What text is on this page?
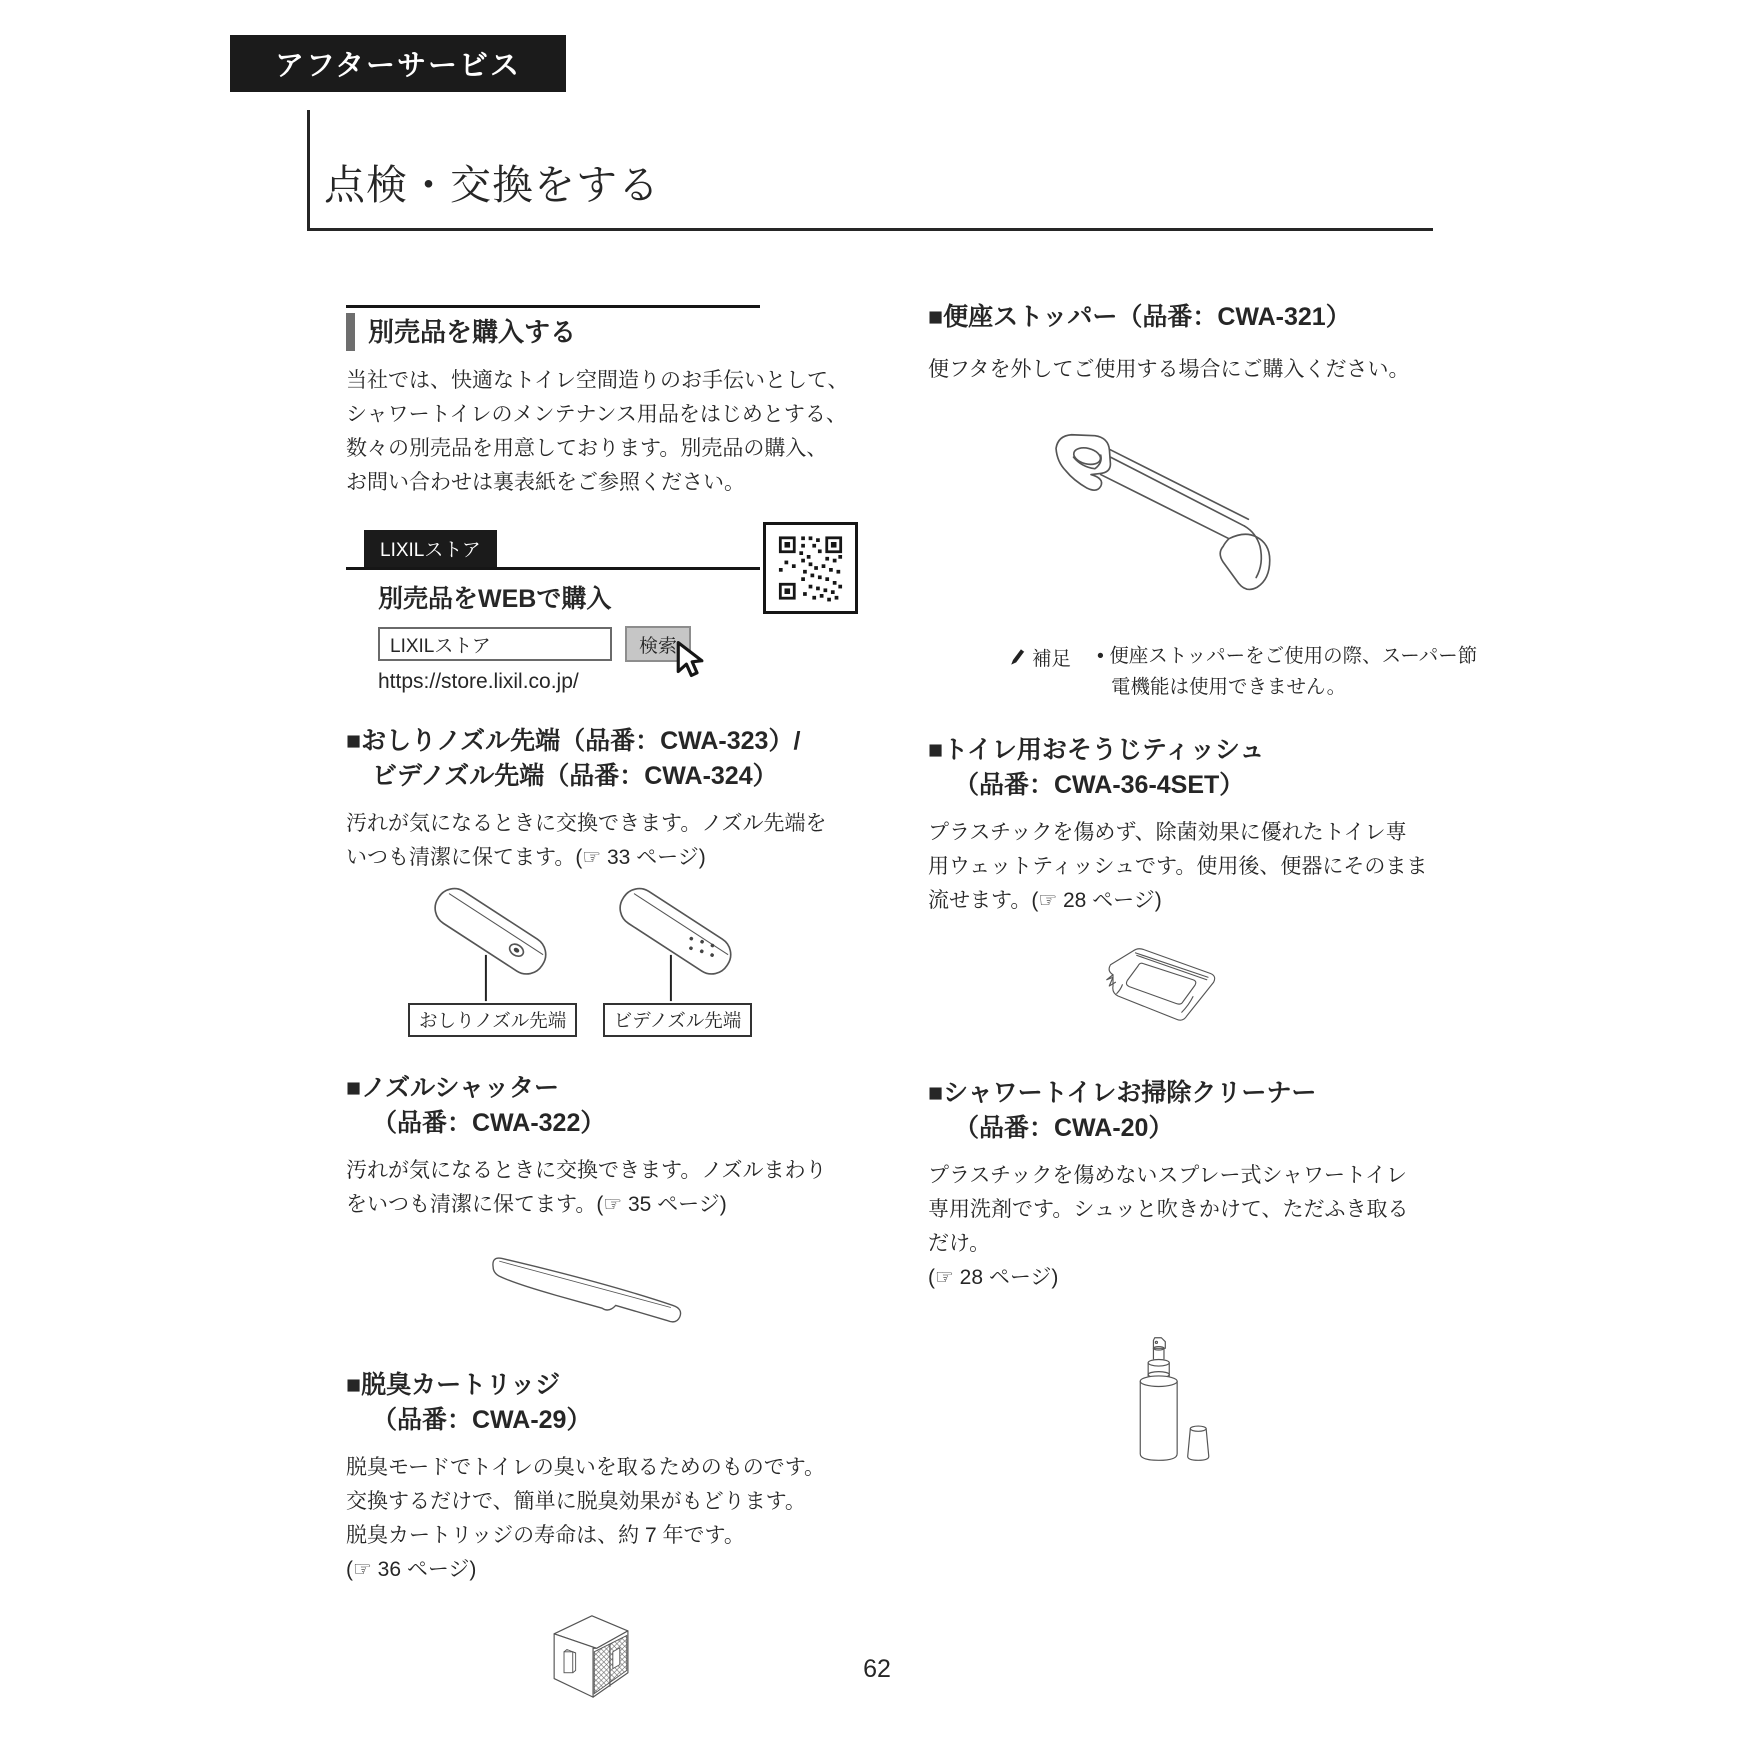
アフターサービス
点検・交換をする
別売品を購入する
当社では、快適なトイレ空間造りのお手伝いとして、
シャワートイレのメンテナンス用品をはじめとする、
数々の別売品を用意しております。別売品の購入、
お問い合わせは裏表紙をご参照ください。
LIXILストア
別売品をWEBで購入
LIXILストア
検索
https://store.lixil.co.jp/
■おしりノズル先端（品番：CWA-323）/
ビデノズル先端（品番：CWA-324）
汚れが気になるときに交換できます。ノズル先端を
いつも清潔に保てます。(☞ 33 ページ)
おしりノズル先端	ビデノズル先端
■ノズルシャッター
（品番：CWA-322）
汚れが気になるときに交換できます。ノズルまわり
をいつも清潔に保てます。(☞ 35 ページ)
■脱臭カートリッジ
（品番：CWA-29）
脱臭モードでトイレの臭いを取るためのものです。
交換するだけで、簡単に脱臭効果がもどります。
脱臭カートリッジの寿命は、約 7 年です。
(☞ 36 ページ)
■便座ストッパー（品番：CWA-321）
便フタを外してご使用する場合にご購入ください。
補足 • 便座ストッパーをご使用の際、スーパー節
電機能は使用できません。
■トイレ用おそうじティッシュ
（品番：CWA-36-4SET）
プラスチックを傷めず、除菌効果に優れたトイレ専
用ウェットティッシュです。使用後、便器にそのまま
流せます。(☞ 28 ページ)
■シャワートイレお掃除クリーナー
（品番：CWA-20）
プラスチックを傷めないスプレー式シャワートイレ
専用洗剤です。シュッと吹きかけて、ただふき取る
だけ。
(☞ 28 ページ)
62
